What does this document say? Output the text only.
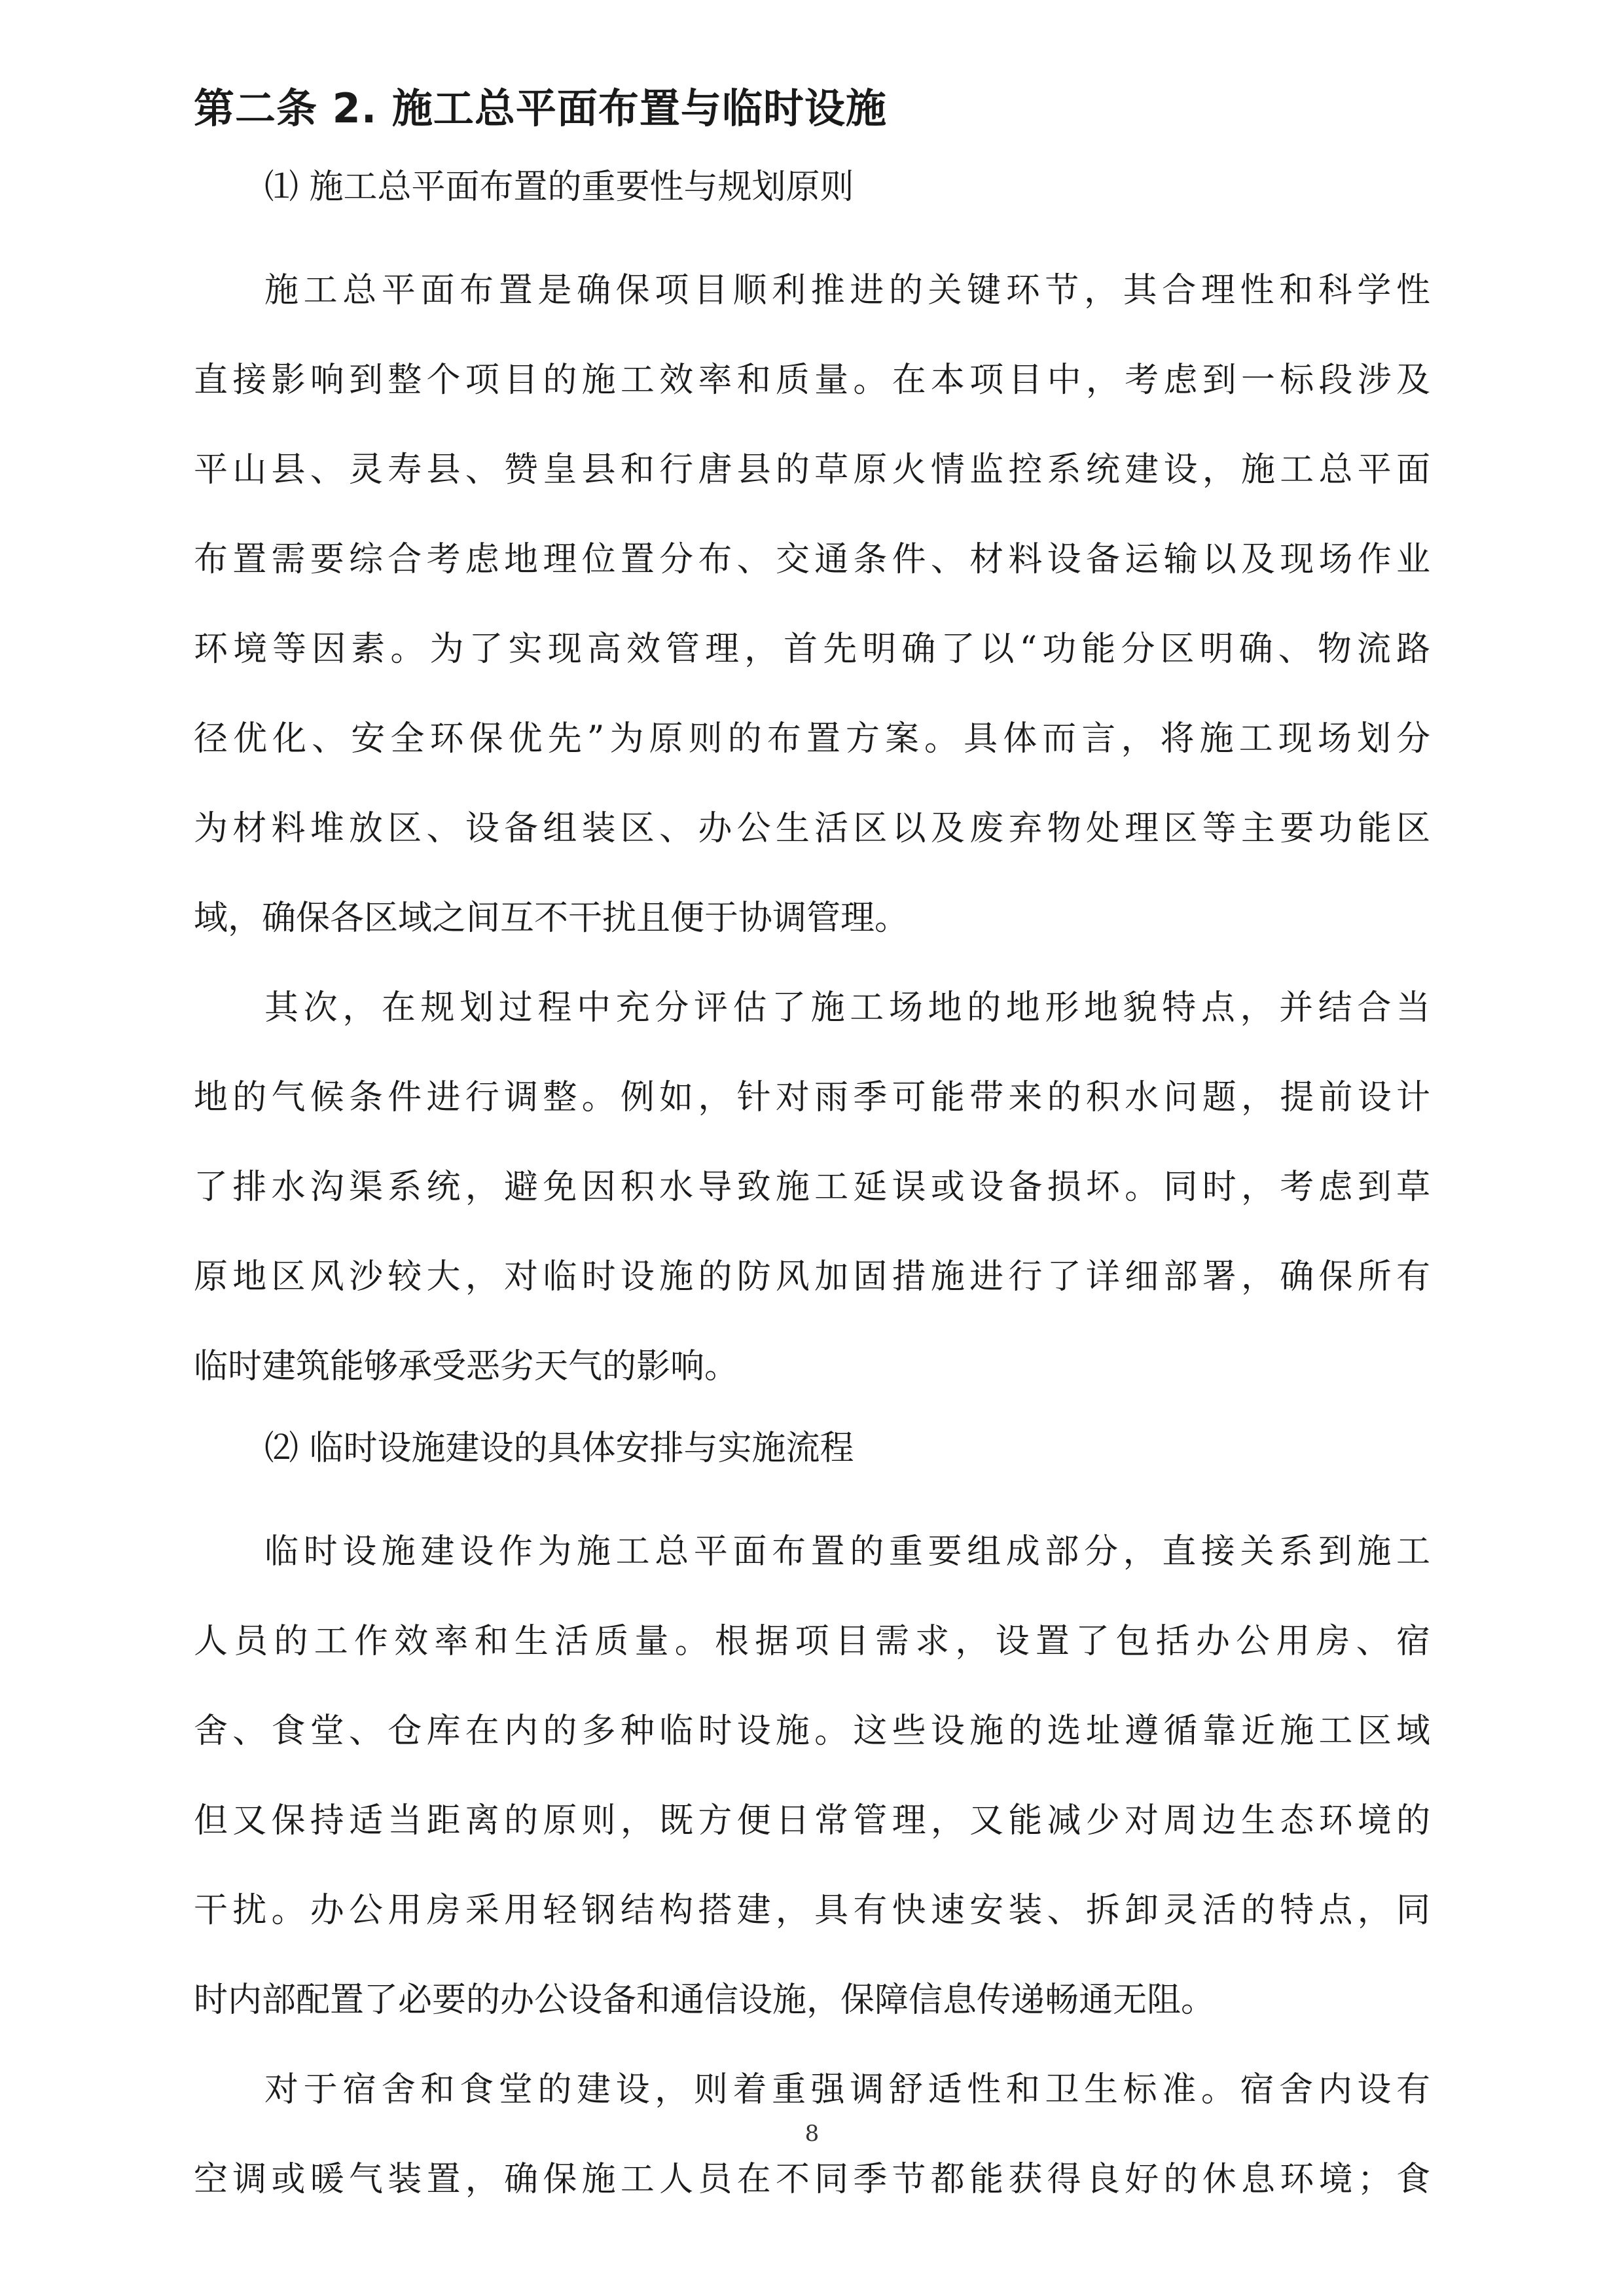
第二条 2. 施工总平面布置与临时设施
⑴ 施工总平面布置的重要性与规划原则
施工总平面布置是确保项目顺利推进的关键环节，其合理性和科学性
直接影响到整个项目的施工效率和质量。在本项目中，考虑到一标段涉及
平山县、灵寿县、赞皇县和行唐县的草原火情监控系统建设，施工总平面
布置需要综合考虑地理位置分布、交通条件、材料设备运输以及现场作业
环境等因素。为了实现高效管理，首先明确了以“功能分区明确、物流路
径优化、安全环保优先”为原则的布置方案。具体而言，将施工现场划分
为材料堆放区、设备组装区、办公生活区以及废弃物处理区等主要功能区
域，确保各区域之间互不干扰且便于协调管理。
其次，在规划过程中充分评估了施工场地的地形地貌特点，并结合当
地的气候条件进行调整。例如，针对雨季可能带来的积水问题，提前设计
了排水沟渠系统，避免因积水导致施工延误或设备损坏。同时，考虑到草
原地区风沙较大，对临时设施的防风加固措施进行了详细部署，确保所有
临时建筑能够承受恶劣天气的影响。
⑵ 临时设施建设的具体安排与实施流程
临时设施建设作为施工总平面布置的重要组成部分，直接关系到施工
人员的工作效率和生活质量。根据项目需求，设置了包括办公用房、宿
舍、食堂、仓库在内的多种临时设施。这些设施的选址遵循靠近施工区域
但又保持适当距离的原则，既方便日常管理，又能减少对周边生态环境的
干扰。办公用房采用轻钢结构搭建，具有快速安装、拆卸灵活的特点，同
时内部配置了必要的办公设备和通信设施，保障信息传递畅通无阻。
对于宿舍和食堂的建设，则着重强调舒适性和卫生标准。宿舍内设有
空调或暖气装置，确保施工人员在不同季节都能获得良好的休息环境；食
8
